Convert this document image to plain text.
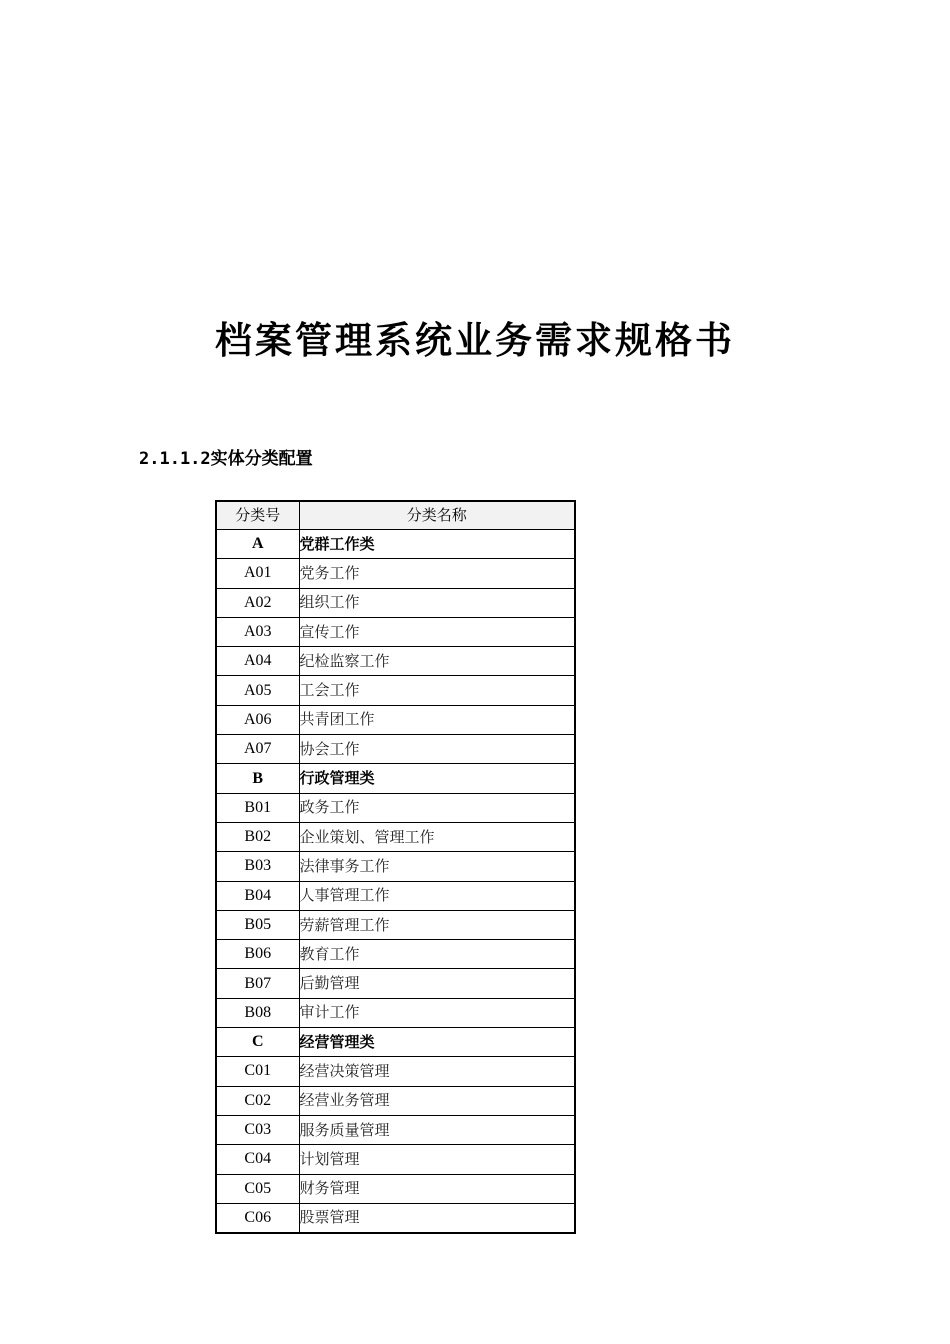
档案管理系统业务需求规格书
2.1.1.2实体分类配置
分类号	分类名称
A	党群工作类
A01	党务工作
A02	组织工作
A03	宣传工作
A04	纪检监察工作
A05	工会工作
A06	共青团工作
A07	协会工作
B	行政管理类
B01	政务工作
B02	企业策划、管理工作
B03	法律事务工作
B04	人事管理工作
B05	劳薪管理工作
B06	教育工作
B07	后勤管理
B08	审计工作
C	经营管理类
C01	经营决策管理
C02	经营业务管理
C03	服务质量管理
C04	计划管理
C05	财务管理
C06	股票管理
